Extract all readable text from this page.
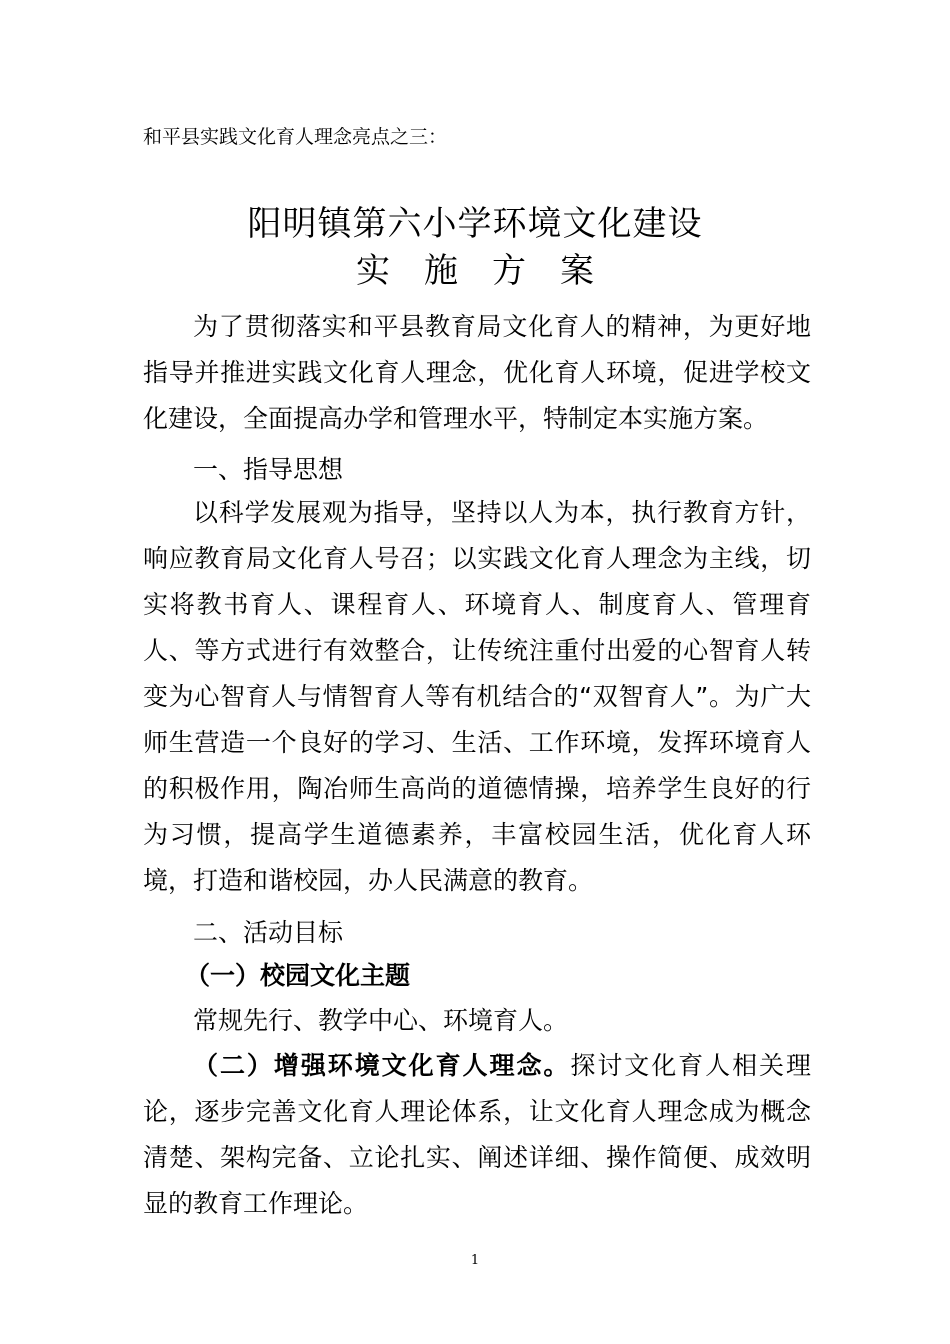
和平县实践文化育人理念亮点之三：
阳明镇第六小学环境文化建设
实施方案
为了贯彻落实和平县教育局文化育人的精神，为更好地指导并推进实践文化育人理念，优化育人环境，促进学校文化建设，全面提高办学和管理水平，特制定本实施方案。
一、指导思想
以科学发展观为指导，坚持以人为本，执行教育方针，响应教育局文化育人号召；以实践文化育人理念为主线，切实将教书育人、课程育人、环境育人、制度育人、管理育人、等方式进行有效整合，让传统注重付出爱的心智育人转变为心智育人与情智育人等有机结合的“双智育人”。为广大师生营造一个良好的学习、生活、工作环境，发挥环境育人的积极作用，陶冶师生高尚的道德情操，培养学生良好的行为习惯，提高学生道德素养，丰富校园生活，优化育人环境，打造和谐校园，办人民满意的教育。
二、活动目标
（一）校园文化主题
常规先行、教学中心、环境育人。
（二）增强环境文化育人理念。探讨文化育人相关理论，逐步完善文化育人理论体系，让文化育人理念成为概念清楚、架构完备、立论扎实、阐述详细、操作简便、成效明显的教育工作理论。
1
